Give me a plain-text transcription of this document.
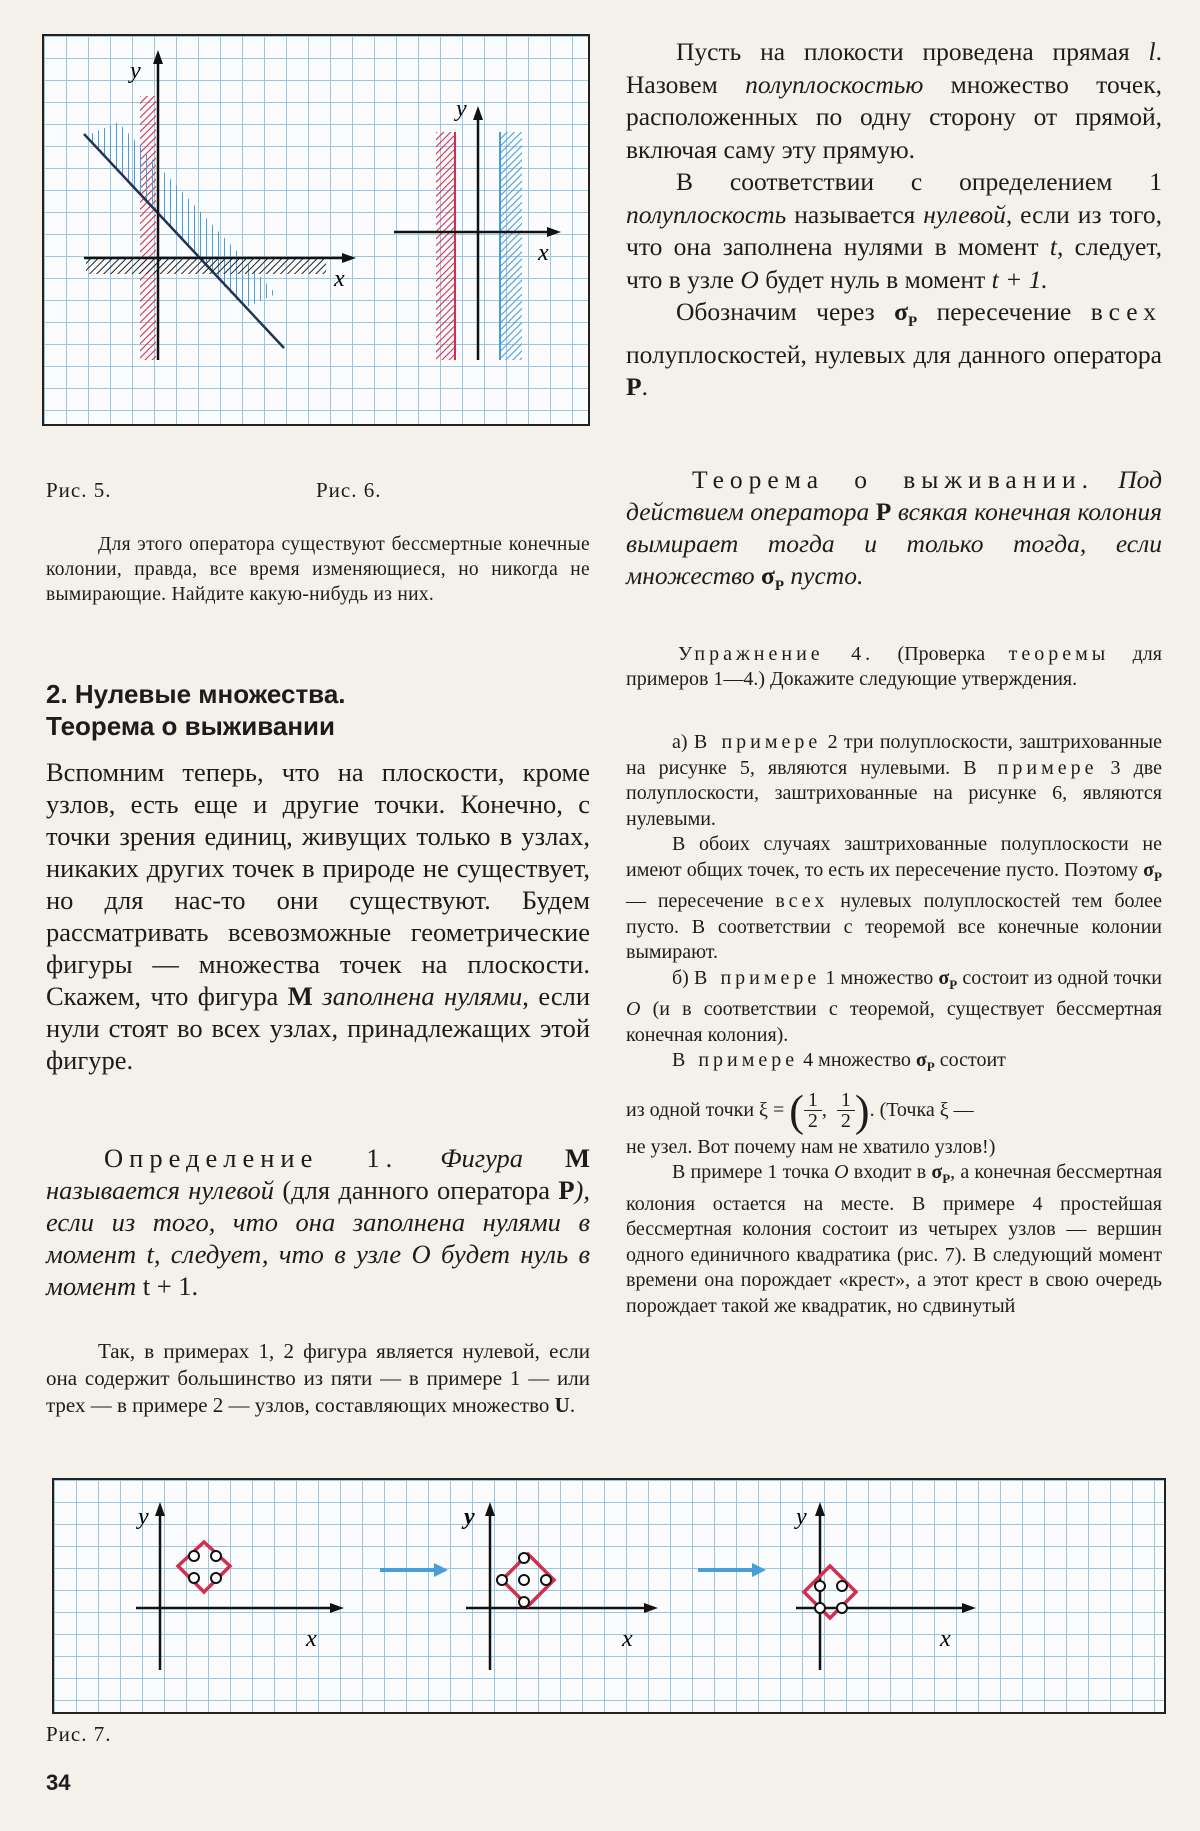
y
x
y
x
Рис. 5.	Рис. 6.
Для этого оператора существуют бессмертные конечные колонии, правда, все время изменяющиеся, но никогда не вымирающие. Найдите какую-нибудь из них.
2. Нулевые множества.
Теорема о выживании
Вспомним теперь, что на плоскости, кроме узлов, есть еще и другие точки. Конечно, с точки зрения единиц, живущих только в узлах, никаких других точек в природе не существует, но для нас-то они существуют. Будем рассматривать всевозможные геометрические фигуры — множества точек на плоскости. Скажем, что фигура M заполнена нулями, если нули стоят во всех узлах, принадлежащих этой фигуре.
Определение 1. Фигура M называется нулевой (для данного оператора P), если из того, что она заполнена нулями в момент t, следует, что в узле O будет нуль в момент t + 1.
Так, в примерах 1, 2 фигура является нулевой, если она содержит большинство из пяти — в примере 1 — или трех — в примере 2 — узлов, составляющих множество U.

Пусть на плокости проведена прямая l. Назовем полуплоскостью множество точек, расположенных по одну сторону от прямой, включая саму эту прямую.

В соответствии с определением 1 полуплоскость называется нулевой, если из того, что она заполнена нулями в момент t, следует, что в узле O будет нуль в момент t + 1.

Обозначим через $\sigma_P$ пересечение всех полуплоскостей, нулевых для данного оператора P.

Теорема о выживании. Под действием оператора P всякая конечная колония вымирает тогда и только тогда, если множество $\sigma_P$ пусто.
Упражнение 4. (Проверка теоремы для примеров 1—4.) Докажите следующие утверждения.

а) В примере 2 три полуплоскости, заштрихованные на рисунке 5, являются нулевыми. В примере 3 две полуплоскости, заштрихованные на рисунке 6, являются нулевыми.

В обоих случаях заштрихованные полуплоскости не имеют общих точек, то есть их пересечение пусто. Поэтому $\sigma_P$ — пересечение всех нулевых полуплоскостей тем более пусто. В соответствии с теоремой все конечные колонии вымирают.

б) В примере 1 множество $\sigma_P$ состоит из одной точки O (и в соответствии с теоремой, существует бессмертная конечная колония).

В примере 4 множество $\sigma_P$ состоит

из одной точки ξ = ( $\frac{1}{2}$ , $\frac{1}{2}$ ). (Точка ξ —

не узел. Вот почему нам не хватило узлов!)

В примере 1 точка O входит в $\sigma_P$, а конечная бессмертная колония остается на месте. В примере 4 простейшая бессмертная колония состоит из четырех узлов — вершин одного единичного квадратика (рис. 7). В следующий момент времени она порождает «крест», а этот крест в свою очередь порождает такой же квадратик, но сдвинутый

y
x
y
x
y
x
Рис. 7.
34
